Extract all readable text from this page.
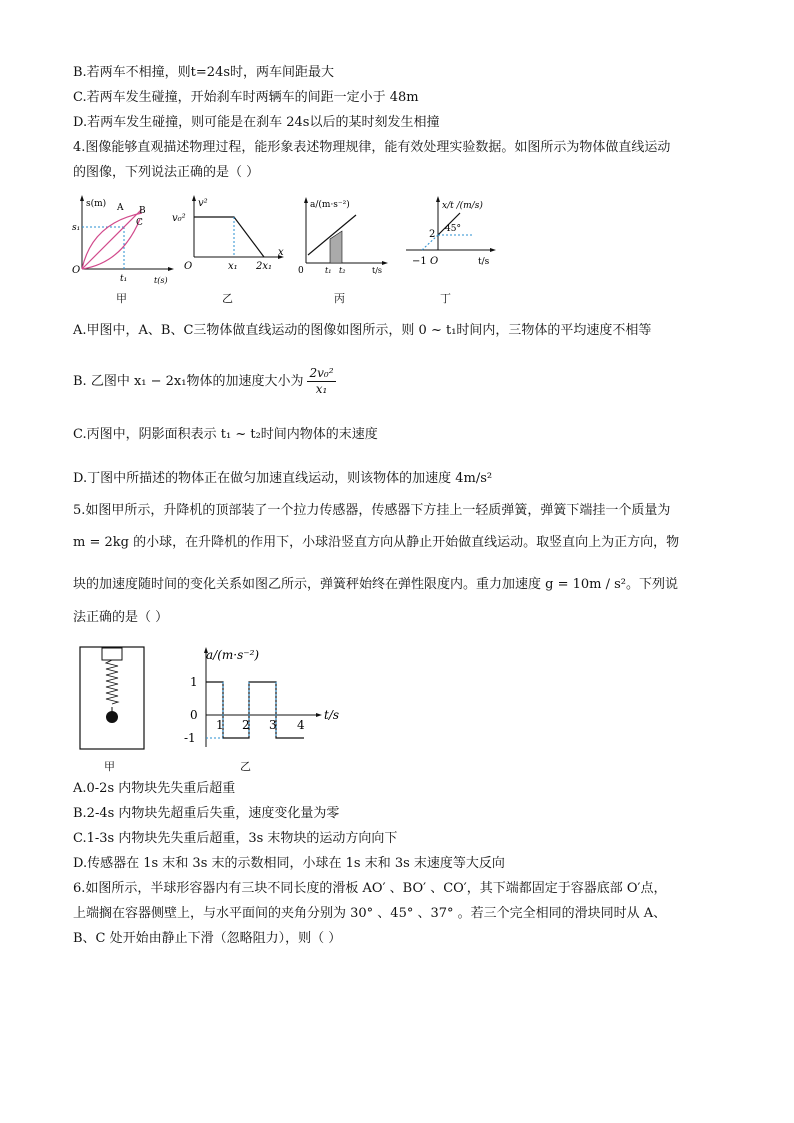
B.若两车不相撞，则t=24s时，两车间距最大
C.若两车发生碰撞，开始刹车时两辆车的间距一定小于 48m
D.若两车发生碰撞，则可能是在刹车 24s以后的某时刻发生相撞
4.图像能够直观描述物理过程，能形象表述物理规律，能有效处理实验数据。如图所示为物体做直线运动
的图像，下列说法正确的是（ ）
s(m)
s₁
O
t₁	t(s)
A B
C
甲
v²
v₀²
O	x₁ 2x₁
x
乙
a/(m·s⁻²)
0	t₁ t₂	t/s
丙
x/t /(m/s)
2 45°
−1 O	t/s
丁
A.甲图中，A、B、C三物体做直线运动的图像如图所示，则 0 ~ t₁时间内，三物体的平均速度不相等
B. 乙图中 x₁ − 2x₁物体的加速度大小为 $\frac{\text{2v₀²}}{\text{x₁}}$
C.丙图中，阴影面积表示 t₁ ~ t₂时间内物体的末速度
D.丁图中所描述的物体正在做匀加速直线运动，则该物体的加速度 4m/s²
5.如图甲所示，升降机的顶部装了一个拉力传感器，传感器下方挂上一轻质弹簧，弹簧下端挂一个质量为
m = 2kg 的小球，在升降机的作用下，小球沿竖直方向从静止开始做直线运动。取竖直向上为正方向，物
块的加速度随时间的变化关系如图乙所示，弹簧秤始终在弹性限度内。重力加速度 g = 10m / s²。下列说
法正确的是（ ）
甲
a/(m·s⁻²)
1
0
-1
1 2 3 4
t/s
乙
A.0-2s 内物块先失重后超重
B.2-4s 内物块先超重后失重，速度变化量为零
C.1-3s 内物块先失重后超重，3s 末物块的运动方向向下
D.传感器在 1s 末和 3s 末的示数相同，小球在 1s 末和 3s 末速度等大反向
6.如图所示，半球形容器内有三块不同长度的滑板 AO′ 、BO′ 、CO′，其下端都固定于容器底部 O′点，
上端搁在容器侧壁上，与水平面间的夹角分别为 30° 、45° 、37° 。若三个完全相同的滑块同时从 A、
B、C 处开始由静止下滑（忽略阻力），则（ ）
